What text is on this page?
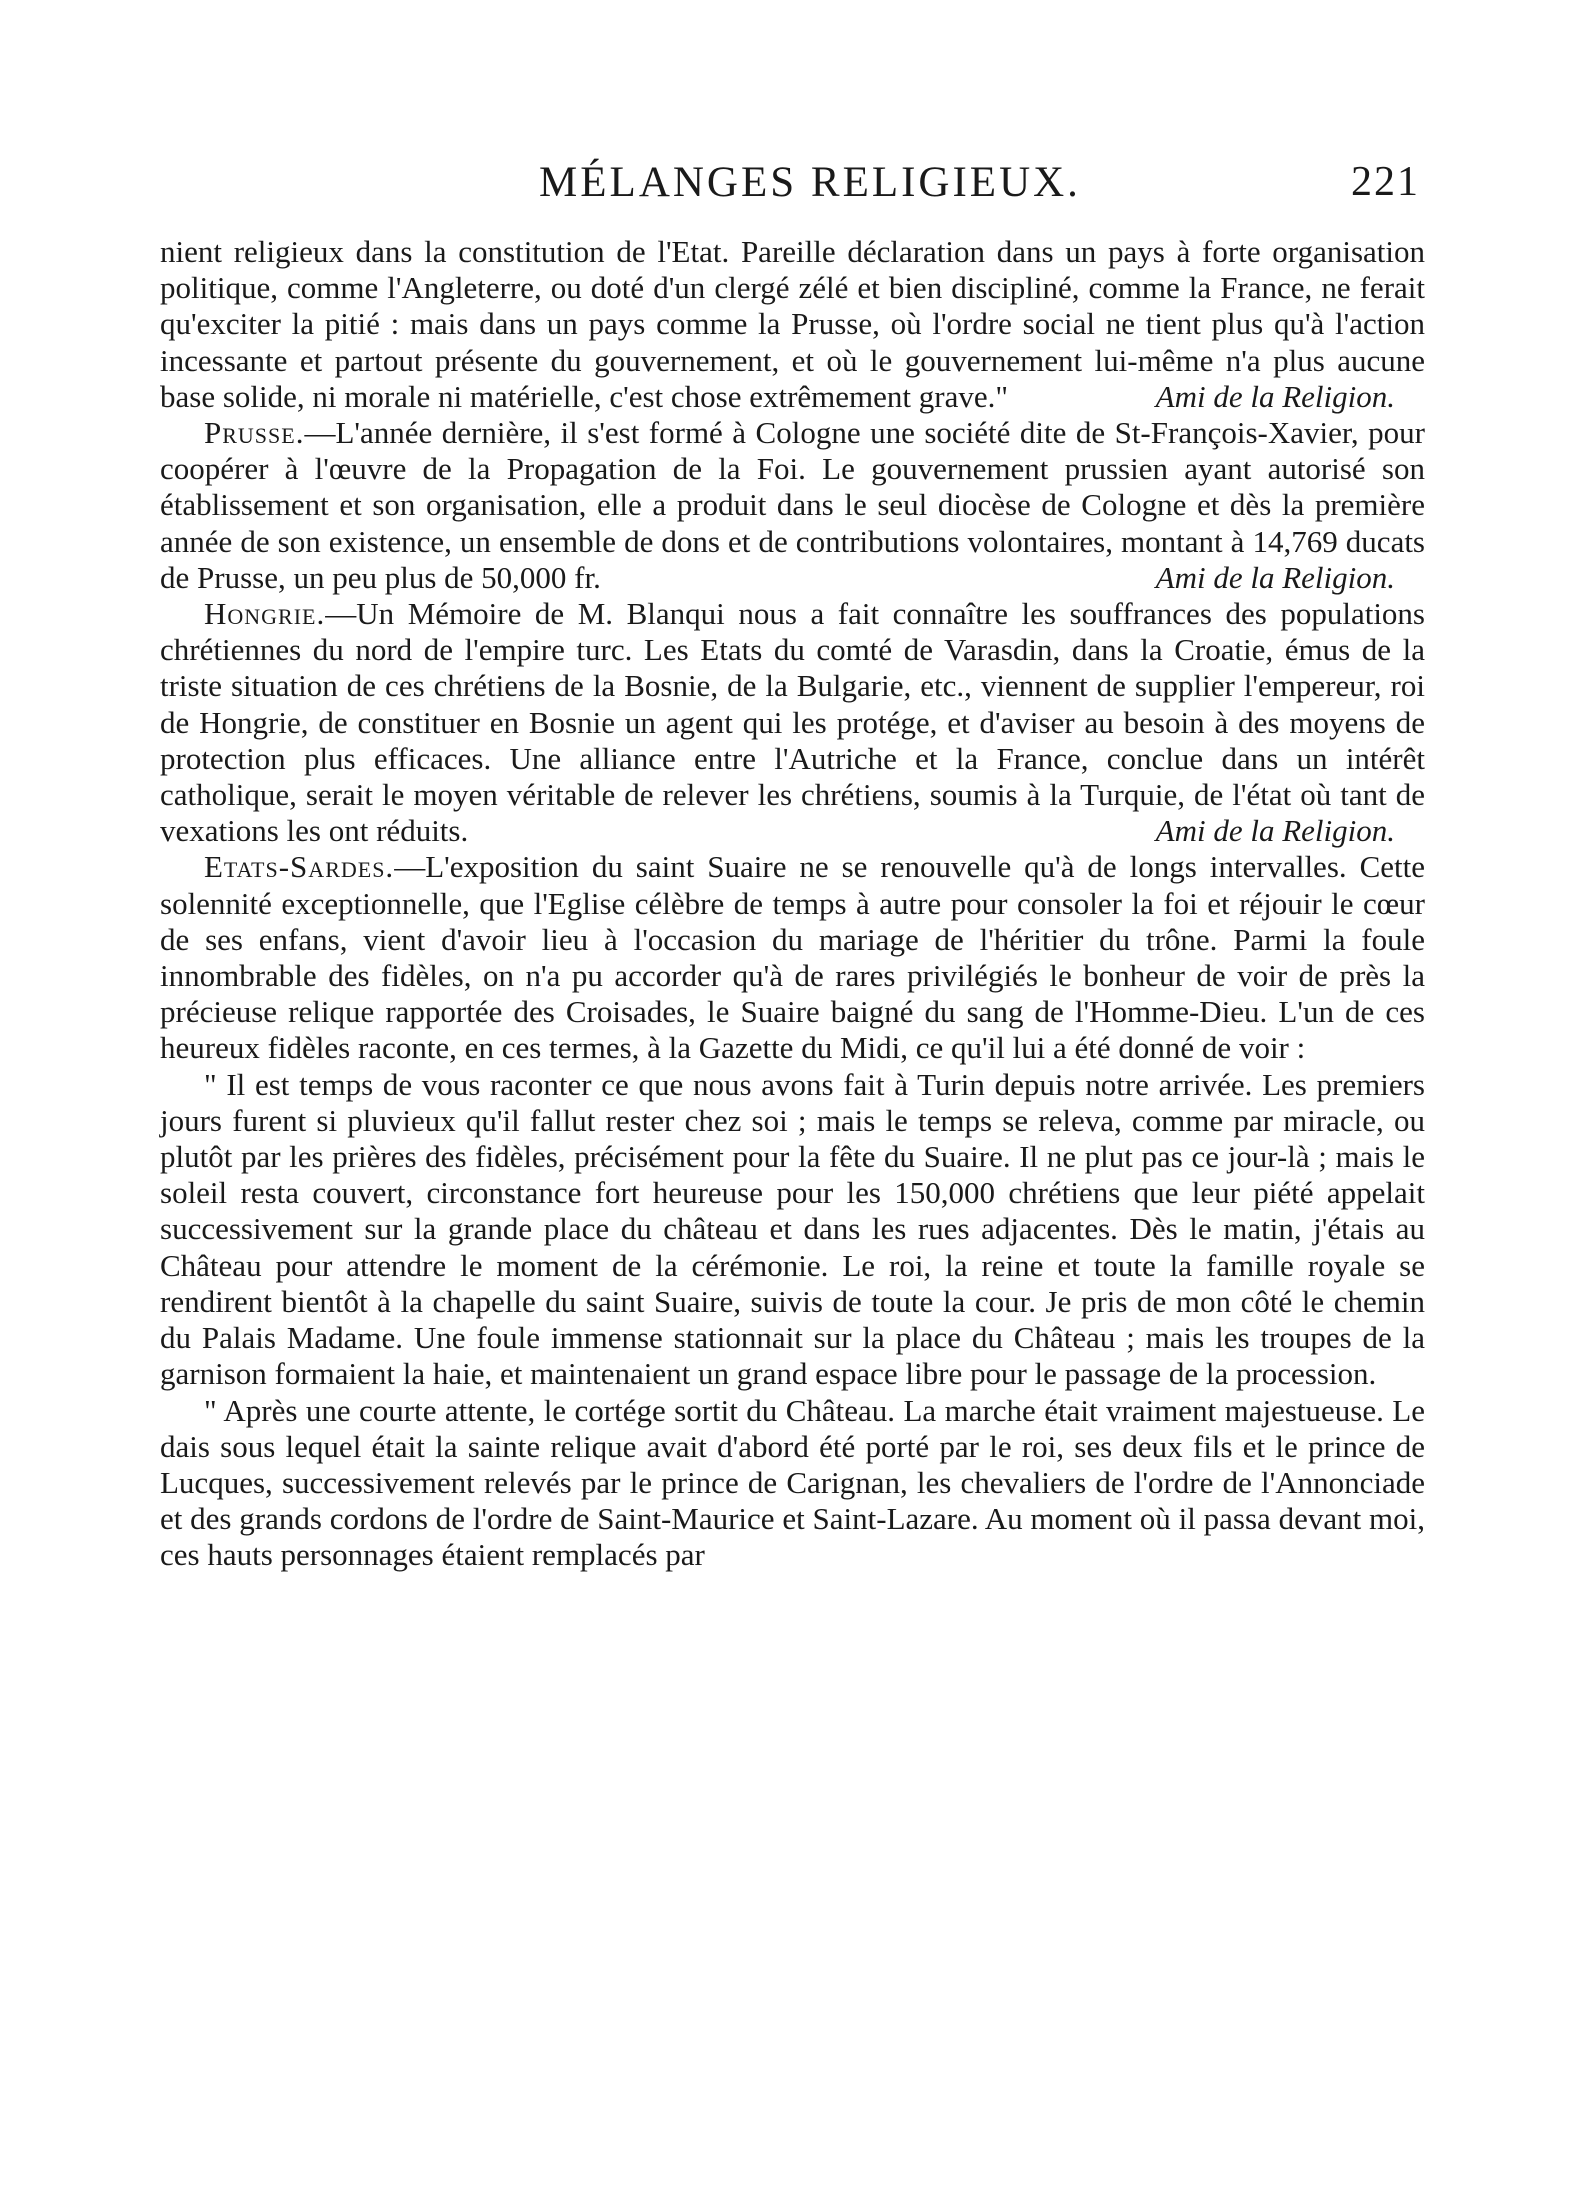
MÉLANGES RELIGIEUX.	221

nient religieux dans la constitution de l'Etat. Pareille déclaration dans un pays à forte organisation politique, comme l'Angleterre, ou doté d'un clergé zélé et bien discipliné, comme la France, ne ferait qu'exciter la pitié : mais dans un pays comme la Prusse, où l'ordre social ne tient plus qu'à l'action incessante et partout présente du gouvernement, et où le gouvernement lui-même n'a plus aucune base solide, ni morale ni matérielle, c'est chose extrêmement grave."	Ami de la Religion.

Prusse.—L'année dernière, il s'est formé à Cologne une société dite de St-François-Xavier, pour coopérer à l'œuvre de la Propagation de la Foi. Le gouvernement prussien ayant autorisé son établissement et son organisation, elle a produit dans le seul diocèse de Cologne et dès la première année de son existence, un ensemble de dons et de contributions volontaires, montant à 14,769 ducats de Prusse, un peu plus de 50,000 fr.	Ami de la Religion.

Hongrie.—Un Mémoire de M. Blanqui nous a fait connaître les souffrances des populations chrétiennes du nord de l'empire turc. Les Etats du comté de Varasdin, dans la Croatie, émus de la triste situation de ces chrétiens de la Bosnie, de la Bulgarie, etc., viennent de supplier l'empereur, roi de Hongrie, de constituer en Bosnie un agent qui les protége, et d'aviser au besoin à des moyens de protection plus efficaces. Une alliance entre l'Autriche et la France, conclue dans un intérêt catholique, serait le moyen véritable de relever les chrétiens, soumis à la Turquie, de l'état où tant de vexations les ont réduits.	Ami de la Religion.

Etats-Sardes.—L'exposition du saint Suaire ne se renouvelle qu'à de longs intervalles. Cette solennité exceptionnelle, que l'Eglise célèbre de temps à autre pour consoler la foi et réjouir le cœur de ses enfans, vient d'avoir lieu à l'occasion du mariage de l'héritier du trône. Parmi la foule innombrable des fidèles, on n'a pu accorder qu'à de rares privilégiés le bonheur de voir de près la précieuse relique rapportée des Croisades, le Suaire baigné du sang de l'Homme-Dieu. L'un de ces heureux fidèles raconte, en ces termes, à la Gazette du Midi, ce qu'il lui a été donné de voir :

" Il est temps de vous raconter ce que nous avons fait à Turin depuis notre arrivée. Les premiers jours furent si pluvieux qu'il fallut rester chez soi ; mais le temps se releva, comme par miracle, ou plutôt par les prières des fidèles, précisément pour la fête du Suaire. Il ne plut pas ce jour-là ; mais le soleil resta couvert, circonstance fort heureuse pour les 150,000 chrétiens que leur piété appelait successivement sur la grande place du château et dans les rues adjacentes. Dès le matin, j'étais au Château pour attendre le moment de la cérémonie. Le roi, la reine et toute la famille royale se rendirent bientôt à la chapelle du saint Suaire, suivis de toute la cour. Je pris de mon côté le chemin du Palais Madame. Une foule immense stationnait sur la place du Château ; mais les troupes de la garnison formaient la haie, et maintenaient un grand espace libre pour le passage de la procession.

" Après une courte attente, le cortége sortit du Château. La marche était vraiment majestueuse. Le dais sous lequel était la sainte relique avait d'abord été porté par le roi, ses deux fils et le prince de Lucques, successivement relevés par le prince de Carignan, les chevaliers de l'ordre de l'Annonciade et des grands cordons de l'ordre de Saint-Maurice et Saint-Lazare. Au moment où il passa devant moi, ces hauts personnages étaient remplacés par
